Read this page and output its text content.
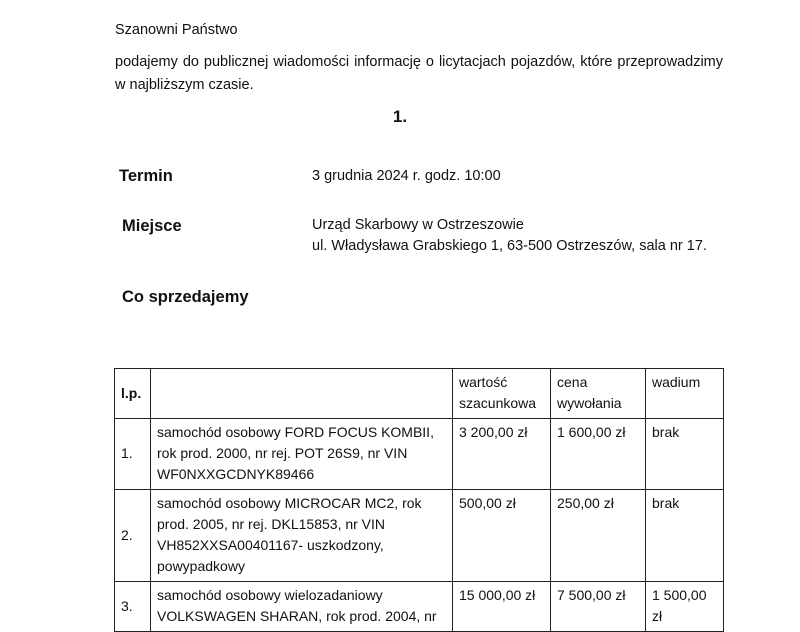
Szanowni Państwo
podajemy do publicznej wiadomości informację o licytacjach pojazdów, które przeprowadzimy w najbliższym czasie.
1.
Termin	3 grudnia 2024 r. godz. 10:00
Miejsce	Urząd Skarbowy w Ostrzeszowie
ul. Władysława Grabskiego 1, 63-500 Ostrzeszów, sala nr 17.
Co sprzedajemy
l.p.		wartość szacunkowa	cena wywołania	wadium
1.	samochód osobowy FORD FOCUS KOMBII, rok prod. 2000, nr rej. POT 26S9, nr VIN WF0NXXGCDNYK89466	3 200,00 zł	1 600,00 zł	brak
2.	samochód osobowy MICROCAR MC2, rok prod. 2005, nr rej. DKL15853, nr VIN VH852XXSA00401167- uszkodzony, powypadkowy	500,00 zł	250,00 zł	brak
3.	samochód osobowy wielozadaniowy VOLKSWAGEN SHARAN, rok prod. 2004, nr	15 000,00 zł	7 500,00 zł	1 500,00 zł
